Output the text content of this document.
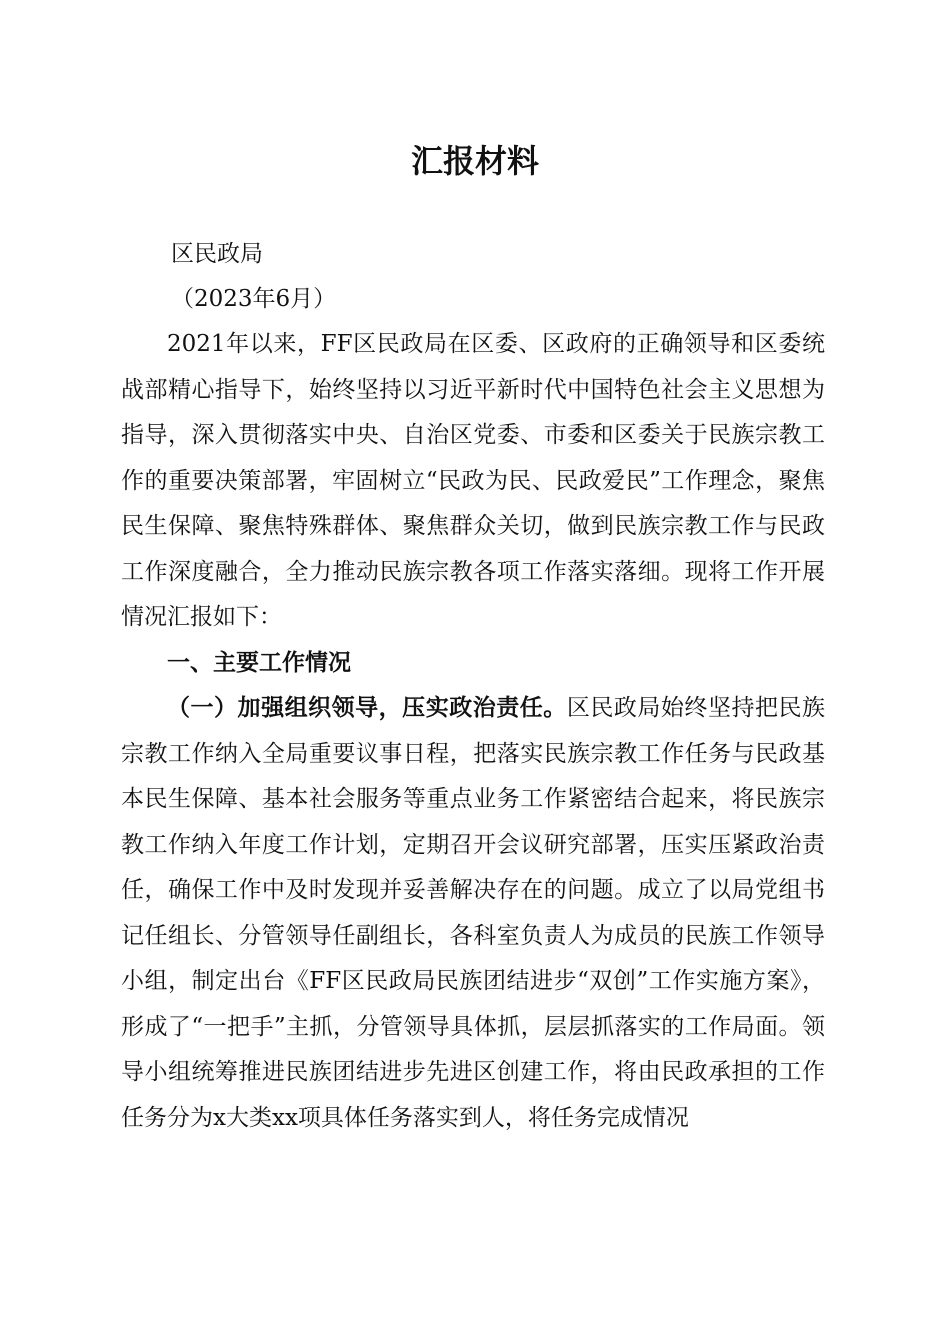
汇报材料

区民政局

（2023年6月）

2021年以来，FF区民政局在区委、区政府的正确领导和区委统战部精心指导下，始终坚持以习近平新时代中国特色社会主义思想为指导，深入贯彻落实中央、自治区党委、市委和区委关于民族宗教工作的重要决策部署，牢固树立“民政为民、民政爱民”工作理念，聚焦民生保障、聚焦特殊群体、聚焦群众关切，做到民族宗教工作与民政工作深度融合，全力推动民族宗教各项工作落实落细。现将工作开展情况汇报如下：

一、主要工作情况

（一）加强组织领导，压实政治责任。区民政局始终坚持把民族宗教工作纳入全局重要议事日程，把落实民族宗教工作任务与民政基本民生保障、基本社会服务等重点业务工作紧密结合起来，将民族宗教工作纳入年度工作计划，定期召开会议研究部署，压实压紧政治责任，确保工作中及时发现并妥善解决存在的问题。成立了以局党组书记任组长、分管领导任副组长，各科室负责人为成员的民族工作领导小组，制定出台《FF区民政局民族团结进步“双创”工作实施方案》，形成了“一把手”主抓，分管领导具体抓，层层抓落实的工作局面。领导小组统筹推进民族团结进步先进区创建工作，将由民政承担的工作任务分为x大类xx项具体任务落实到人，将任务完成情况
